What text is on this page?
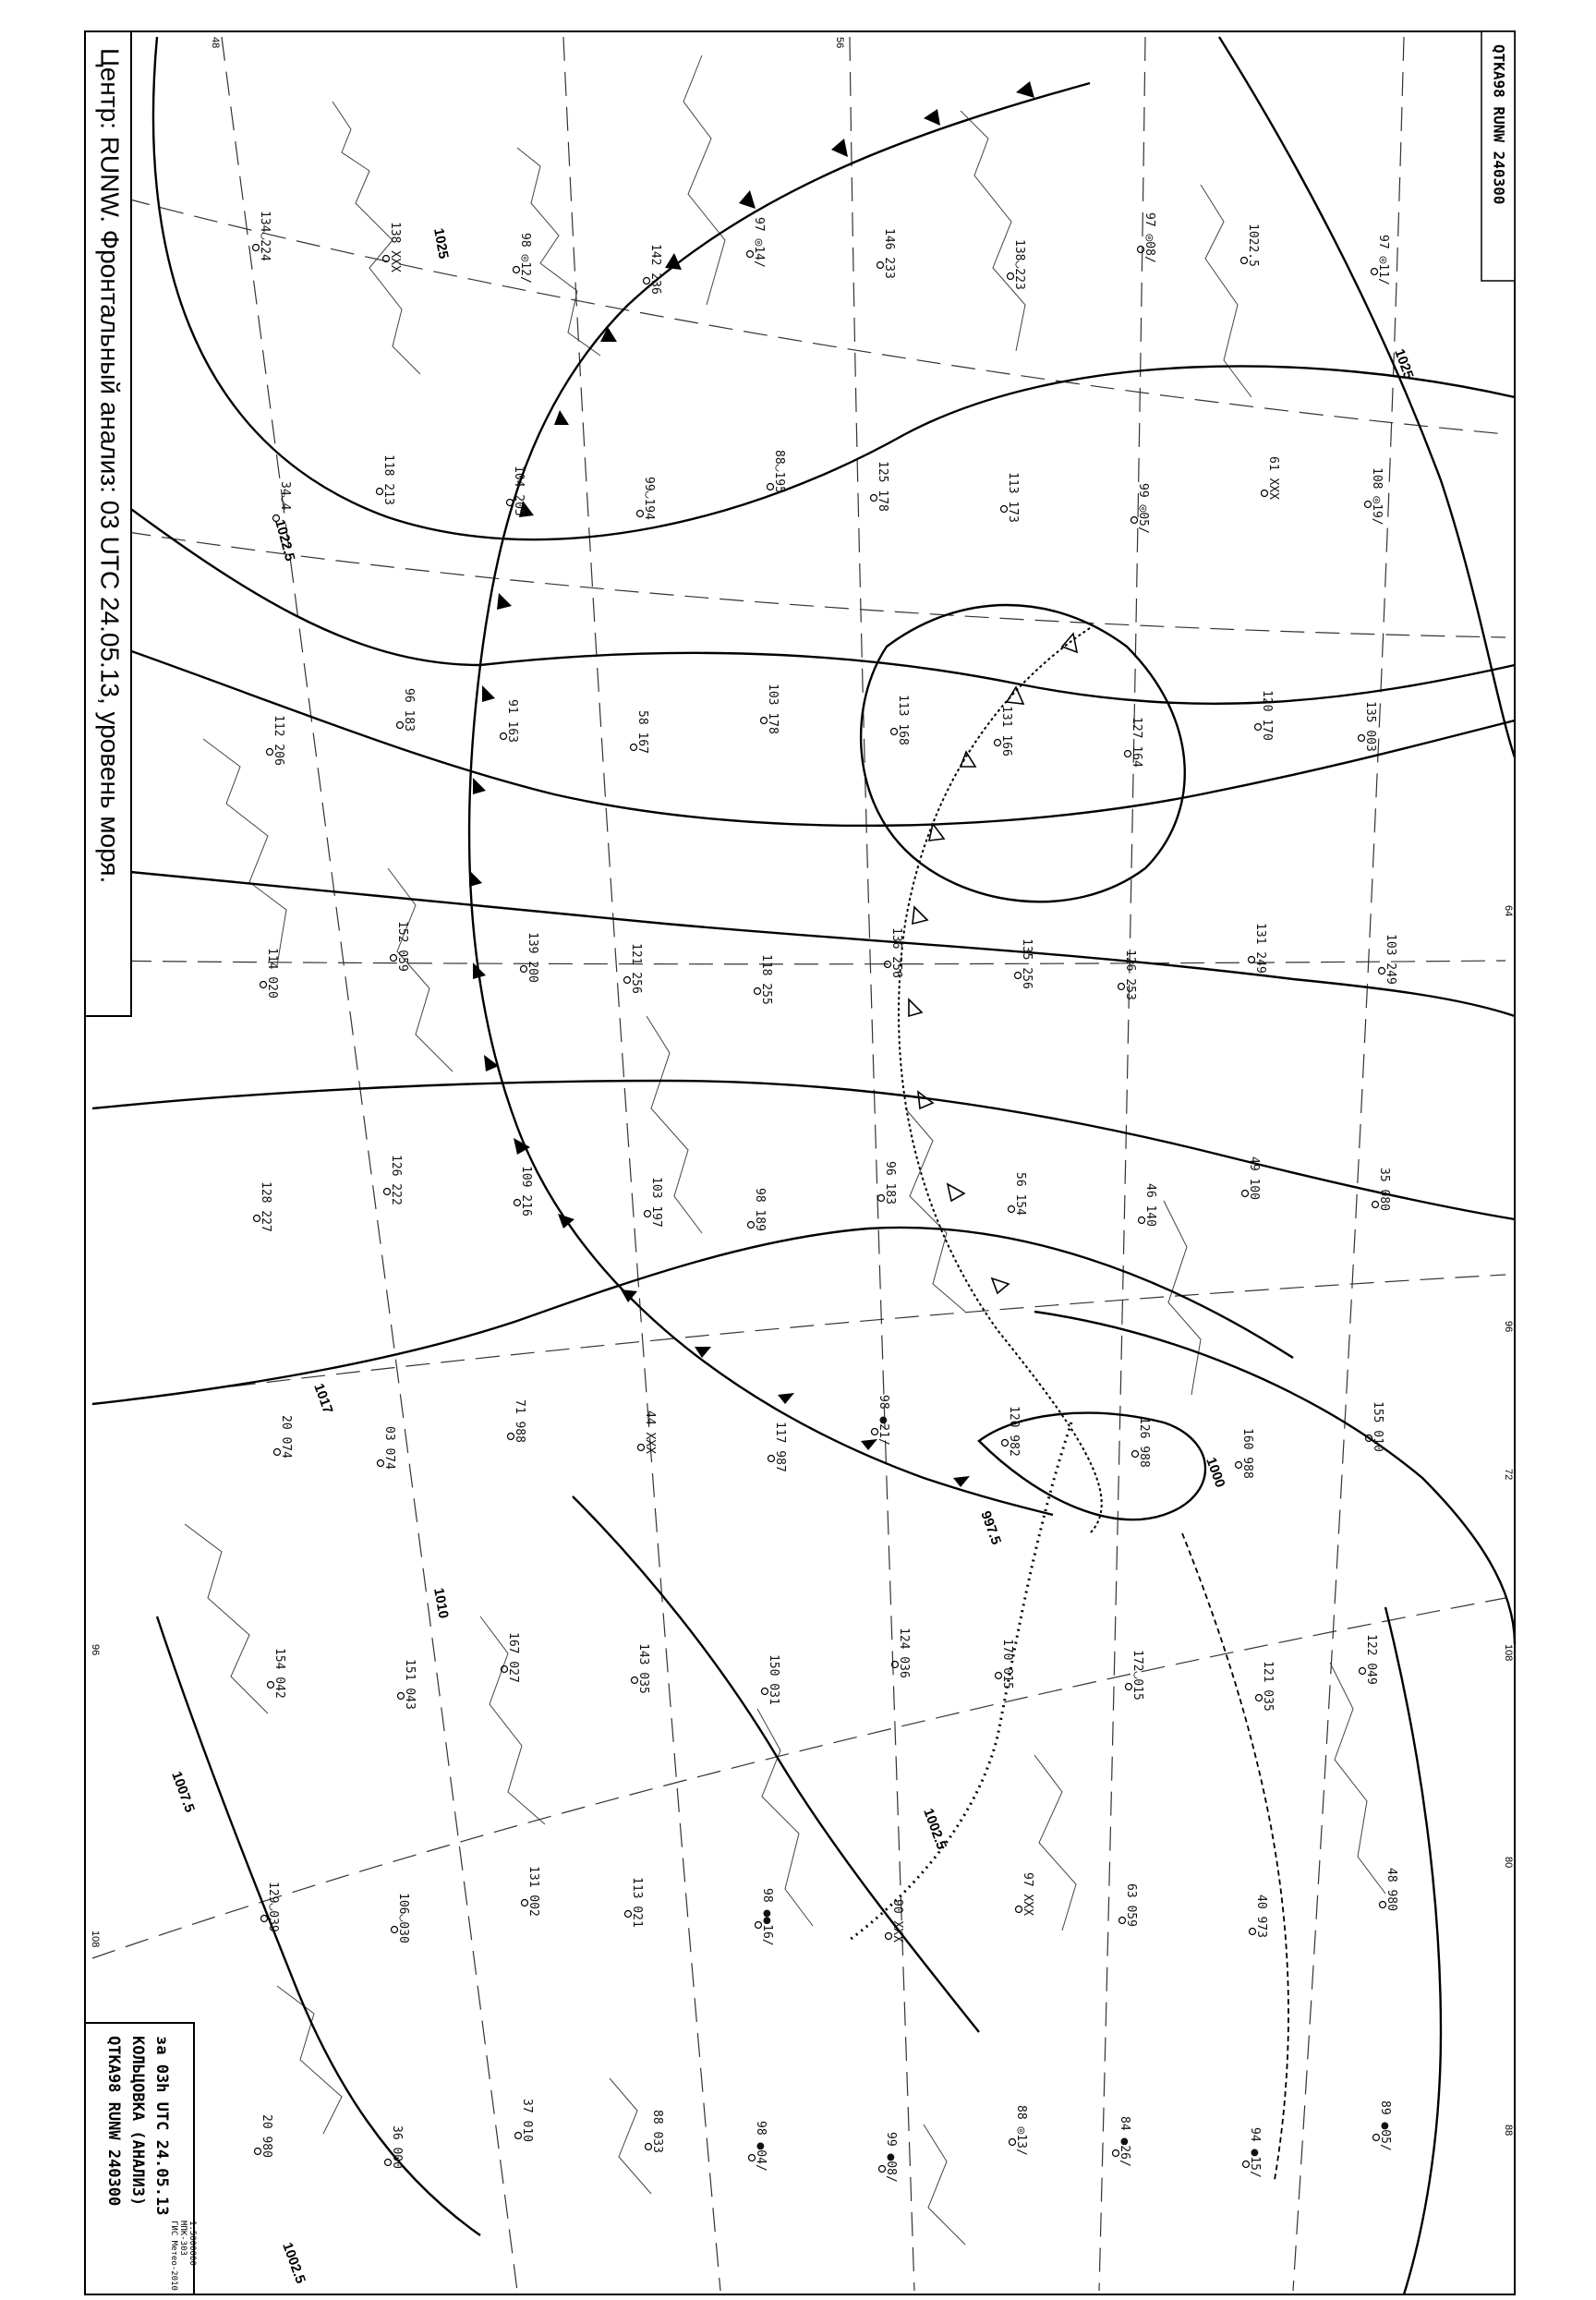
Центр: RUNW. Фронтальный анализ: 03 UTC 24.05.13, уровень моря.	QTKA98 RUNW 240300
QTKA98 RUNW 240300 КОЛЬЦОВКА (АНАЛИЗ) за 03h UTC 24.05.13
ГИС Метео-2010 МПК-303 1:5000000
1025
1022.5
1017
1010
1007.5
1002.5
1000
997.5
1002.5
1025
48	56
64
72
80
88
96
108
108
96
134◡224	138 XXX	98 ◎12/	142 236
97 ◎14/	146 233	138◡223
97 ◎08/	1022.5	97 ◎11/
34◡4	118 213	104 205	99◡194
88◡195	125 178	113 173	99 ◎05/
61 XXX	108 ◎19/
112 206
96 183	91 163	58 167	103 178	113 168	131 166	127 164
120 170	135 003
114 020
152 059	139 200	121 256	118 255
136 256	135 256	126 253
131 249	103 249
128 227
126 222	109 216	103 197	98 189
96 183	56 154	46 140
49 100	35 080
20 074	03 074
71 988	44 XXX	117 987
98 ●21/	120 982	126 988	160 988
155 010
154 042	151 043
167 027	143 035	150 031
124 036	170 015	172◡015	121 035
122 049
129◡039	106◡030
131 002	113 021	98 ●●16/	90 XXX
97 XXX	63 059	40 973
48 980
20 980	36 000
37 010	88 033	98 ●04/	99 ●08/
88 ◎13/	84 ●26/	94 ●15/
89 ●05/
